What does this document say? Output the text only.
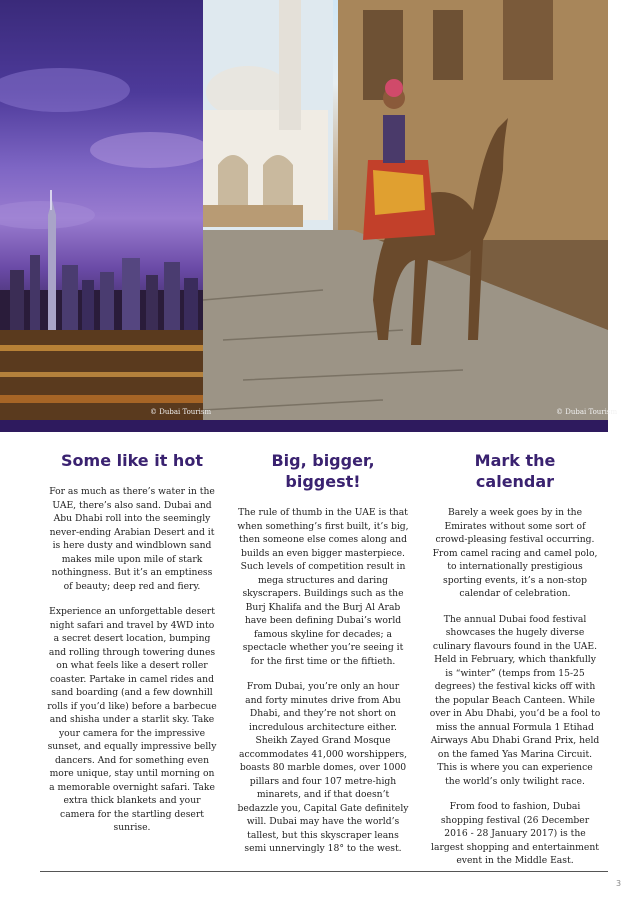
© Dubai Tourism	© Dubai Tourism
Some like it hot

For as much as there’s water in the UAE, there’s also sand. Dubai and Abu Dhabi roll into the seemingly never-ending Arabian Desert and it is here dusty and windblown sand makes mile upon mile of stark nothingness. But it’s an emptiness of beauty; deep red and fiery.

Experience an unforgettable desert night safari and travel by 4WD into a secret desert location, bumping and rolling through towering dunes on what feels like a desert roller coaster. Partake in camel rides and sand boarding (and a few downhill rolls if you’d like) before a barbecue and shisha under a starlit sky. Take your camera for the impressive sunset, and equally impressive belly dancers. And for something even more unique, stay until morning on a memorable overnight safari. Take extra thick blankets and your camera for the startling desert sunrise.

Big, bigger, biggest!

The rule of thumb in the UAE is that when something’s first built, it’s big, then someone else comes along and builds an even bigger masterpiece. Such levels of competition result in mega structures and daring skyscrapers. Buildings such as the Burj Khalifa and the Burj Al Arab have been defining Dubai’s world famous skyline for decades; a spectacle whether you’re seeing it for the first time or the fiftieth.

From Dubai, you’re only an hour and forty minutes drive from Abu Dhabi, and they’re not short on incredulous architecture either. Sheikh Zayed Grand Mosque accommodates 41,000 worshippers, boasts 80 marble domes, over 1000 pillars and four 107 metre-high minarets, and if that doesn’t bedazzle you, Capital Gate definitely will. Dubai may have the world’s tallest, but this skyscraper leans semi unnervingly 18° to the west.

Mark the calendar

Barely a week goes by in the Emirates without some sort of crowd-pleasing festival occurring. From camel racing and camel polo, to internationally prestigious sporting events, it’s a non-stop calendar of celebration.

The annual Dubai food festival showcases the hugely diverse culinary flavours found in the UAE. Held in February, which thankfully is “winter” (temps from 15-25 degrees) the festival kicks off with the popular Beach Canteen. While over in Abu Dhabi, you’d be a fool to miss the annual Formula 1 Etihad Airways Abu Dhabi Grand Prix, held on the famed Yas Marina Circuit. This is where you can experience the world’s only twilight race.

From food to fashion, Dubai shopping festival (26 December 2016 - 28 January 2017) is the largest shopping and entertainment event in the Middle East.

3
